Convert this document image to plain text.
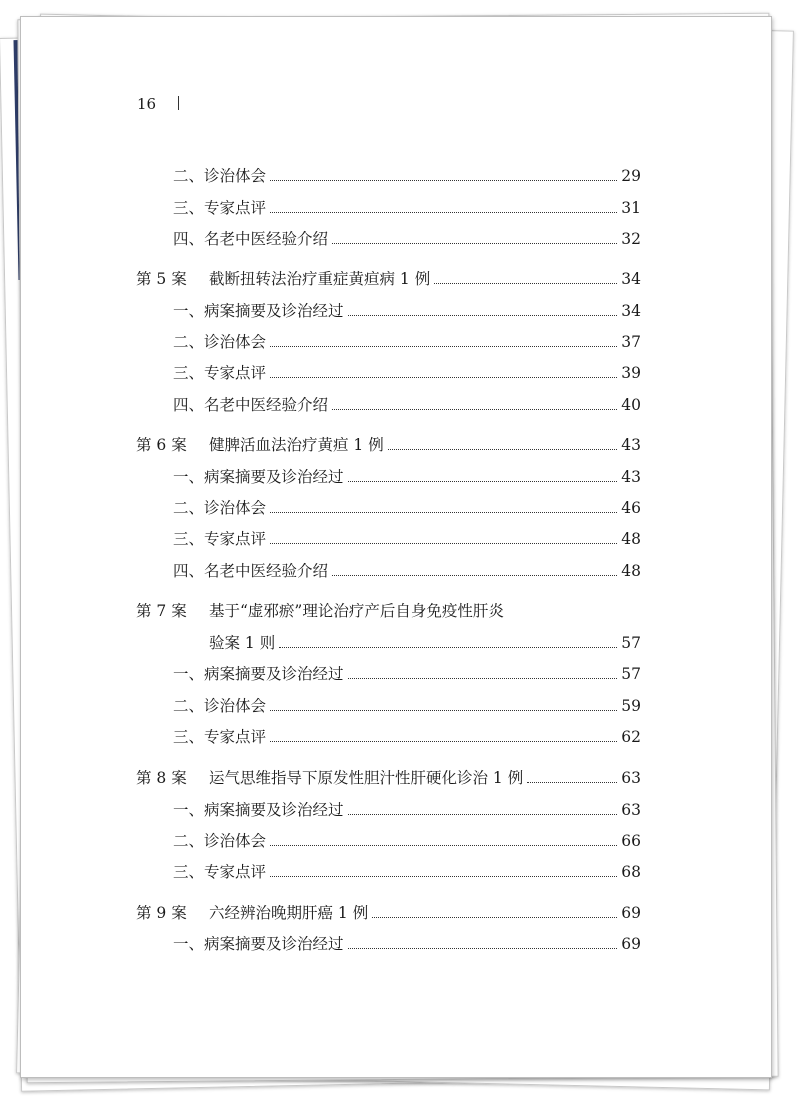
16
二、诊治体会	29
三、专家点评	31
四、名老中医经验介绍	32
第 5 案 截断扭转法治疗重症黄疸病 1 例	34
一、病案摘要及诊治经过	34
二、诊治体会	37
三、专家点评	39
四、名老中医经验介绍	40
第 6 案 健脾活血法治疗黄疸 1 例	43
一、病案摘要及诊治经过	43
二、诊治体会	46
三、专家点评	48
四、名老中医经验介绍	48
第 7 案 基于“虚邪瘀”理论治疗产后自身免疫性肝炎
验案 1 则	57
一、病案摘要及诊治经过	57
二、诊治体会	59
三、专家点评	62
第 8 案 运气思维指导下原发性胆汁性肝硬化诊治 1 例	63
一、病案摘要及诊治经过	63
二、诊治体会	66
三、专家点评	68
第 9 案 六经辨治晚期肝癌 1 例	69
一、病案摘要及诊治经过	69
